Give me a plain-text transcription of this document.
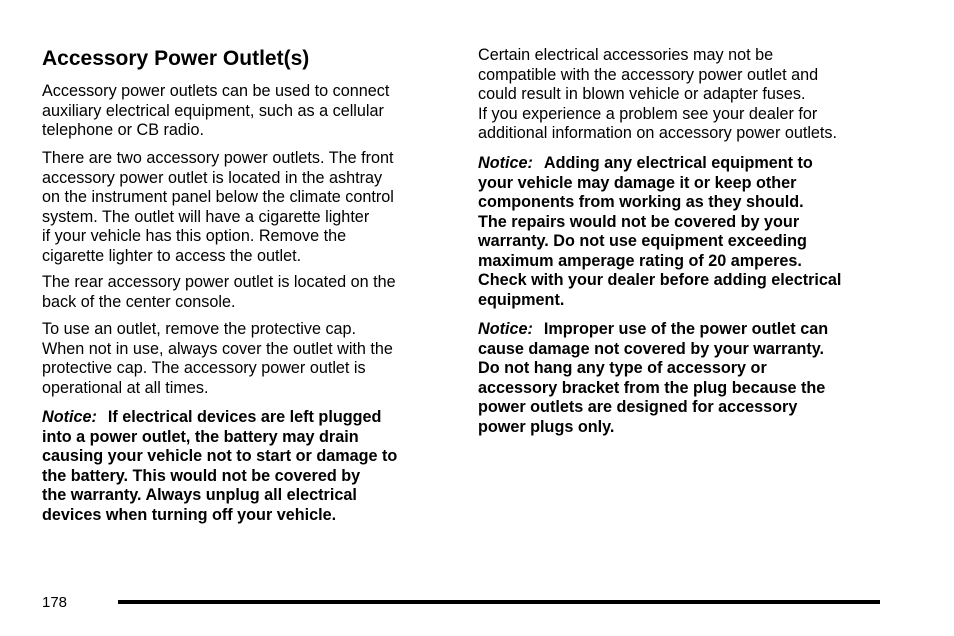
Accessory Power Outlet(s)
Accessory power outlets can be used to connect
auxiliary electrical equipment, such as a cellular
telephone or CB radio.
There are two accessory power outlets. The front
accessory power outlet is located in the ashtray
on the instrument panel below the climate control
system. The outlet will have a cigarette lighter
if your vehicle has this option. Remove the
cigarette lighter to access the outlet.
The rear accessory power outlet is located on the
back of the center console.
To use an outlet, remove the protective cap.
When not in use, always cover the outlet with the
protective cap. The accessory power outlet is
operational at all times.
Notice: If electrical devices are left plugged
into a power outlet, the battery may drain
causing your vehicle not to start or damage to
the battery. This would not be covered by
the warranty. Always unplug all electrical
devices when turning off your vehicle.
Certain electrical accessories may not be
compatible with the accessory power outlet and
could result in blown vehicle or adapter fuses.
If you experience a problem see your dealer for
additional information on accessory power outlets.
Notice: Adding any electrical equipment to
your vehicle may damage it or keep other
components from working as they should.
The repairs would not be covered by your
warranty. Do not use equipment exceeding
maximum amperage rating of 20 amperes.
Check with your dealer before adding electrical
equipment.
Notice: Improper use of the power outlet can
cause damage not covered by your warranty.
Do not hang any type of accessory or
accessory bracket from the plug because the
power outlets are designed for accessory
power plugs only.
178
